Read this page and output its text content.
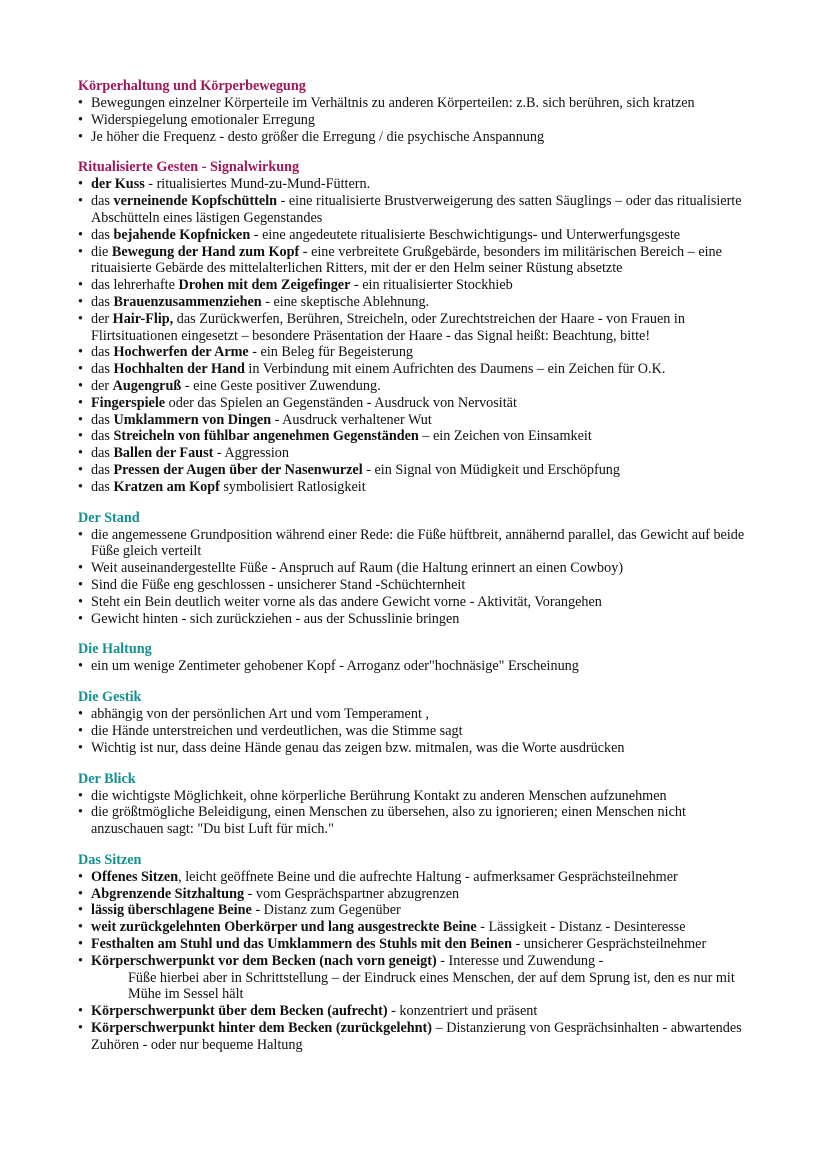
Körperhaltung und Körperbewegung
• Bewegungen einzelner Körperteile im Verhältnis zu anderen Körperteilen: z.B. sich berühren, sich kratzen
• Widerspiegelung emotionaler Erregung
• Je höher die Frequenz - desto größer die Erregung / die psychische Anspannung
Ritualisierte Gesten - Signalwirkung
• der Kuss - ritualisiertes Mund-zu-Mund-Füttern.
• das verneinende Kopfschütteln - eine ritualisierte Brustverweigerung des satten Säuglings – oder das ritualisierte Abschütteln eines lästigen Gegenstandes
• das bejahende Kopfnicken - eine angedeutete ritualisierte Beschwichtigungs- und Unterwerfungsgeste
• die Bewegung der Hand zum Kopf - eine verbreitete Grußgebärde, besonders im militärischen Bereich – eine rituaisierte Gebärde des mittelalterlichen Ritters, mit der er den Helm seiner Rüstung absetzte
• das lehrerhafte Drohen mit dem Zeigefinger - ein ritualisierter Stockhieb
• das Brauenzusammenziehen - eine skeptische Ablehnung.
• der Hair-Flip, das Zurückwerfen, Berühren, Streicheln, oder Zurechtstreichen der Haare - von Frauen in Flirtsituationen eingesetzt – besondere Präsentation der Haare - das Signal heißt: Beachtung, bitte!
• das Hochwerfen der Arme - ein Beleg für Begeisterung
• das Hochhalten der Hand in Verbindung mit einem Aufrichten des Daumens – ein Zeichen für O.K.
• der Augengruß - eine Geste positiver Zuwendung.
• Fingerspiele oder das Spielen an Gegenständen - Ausdruck von Nervosität
• das Umklammern von Dingen - Ausdruck verhaltener Wut
• das Streicheln von fühlbar angenehmen Gegenständen – ein Zeichen von Einsamkeit
• das Ballen der Faust - Aggression
• das Pressen der Augen über der Nasenwurzel - ein Signal von Müdigkeit und Erschöpfung
• das Kratzen am Kopf symbolisiert Ratlosigkeit
Der Stand
• die angemessene Grundposition während einer Rede: die Füße hüftbreit, annähernd parallel, das Gewicht auf beide Füße gleich verteilt
• Weit auseinandergestellte Füße - Anspruch auf Raum (die Haltung erinnert an einen Cowboy)
• Sind die Füße eng geschlossen - unsicherer Stand -Schüchternheit
• Steht ein Bein deutlich weiter vorne als das andere Gewicht vorne - Aktivität, Vorangehen
• Gewicht hinten - sich zurückziehen - aus der Schusslinie bringen
Die Haltung
• ein um wenige Zentimeter gehobener Kopf - Arroganz oder"hochnäsige" Erscheinung
Die Gestik
• abhängig von der persönlichen Art und vom Temperament ,
• die Hände unterstreichen und verdeutlichen, was die Stimme sagt
• Wichtig ist nur, dass deine Hände genau das zeigen bzw. mitmalen, was die Worte ausdrücken
Der Blick
• die wichtigste Möglichkeit, ohne körperliche Berührung Kontakt zu anderen Menschen aufzunehmen
• die größtmögliche Beleidigung, einen Menschen zu übersehen, also zu ignorieren; einen Menschen nicht anzuschauen sagt: "Du bist Luft für mich."
Das Sitzen
• Offenes Sitzen, leicht geöffnete Beine und die aufrechte Haltung - aufmerksamer Gesprächsteilnehmer
• Abgrenzende Sitzhaltung - vom Gesprächspartner abzugrenzen
• lässig überschlagene Beine - Distanz zum Gegenüber
• weit zurückgelehnten Oberkörper und lang ausgestreckte Beine - Lässigkeit - Distanz - Desinteresse
• Festhalten am Stuhl und das Umklammern des Stuhls mit den Beinen - unsicherer Gesprächsteilnehmer
• Körperschwerpunkt vor dem Becken (nach vorn geneigt) - Interesse und Zuwendung -
Füße hierbei aber in Schrittstellung – der Eindruck eines Menschen, der auf dem Sprung ist, den es nur mit Mühe im Sessel hält
• Körperschwerpunkt über dem Becken (aufrecht) - konzentriert und präsent
• Körperschwerpunkt hinter dem Becken (zurückgelehnt) – Distanzierung von Gesprächsinhalten - abwartendes Zuhören - oder nur bequeme Haltung
